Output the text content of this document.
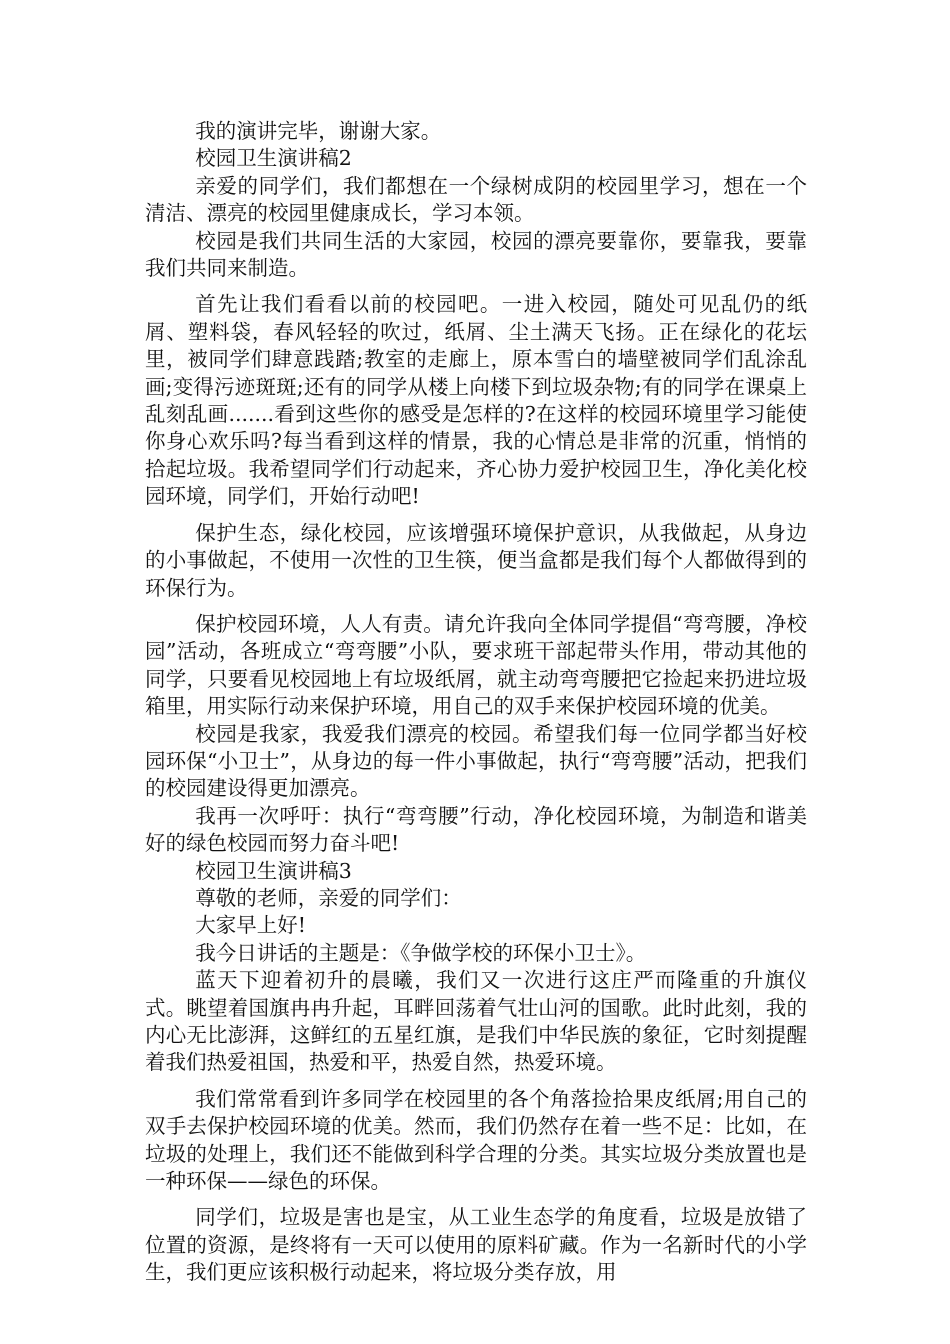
我的演讲完毕，谢谢大家。

校园卫生演讲稿2

亲爱的同学们，我们都想在一个绿树成阴的校园里学习，想在一个清洁、漂亮的校园里健康成长，学习本领。

校园是我们共同生活的大家园，校园的漂亮要靠你，要靠我，要靠我们共同来制造。

首先让我们看看以前的校园吧。一进入校园，随处可见乱仍的纸屑、塑料袋，春风轻轻的吹过，纸屑、尘土满天飞扬。正在绿化的花坛里，被同学们肆意践踏;教室的走廊上，原本雪白的墙壁被同学们乱涂乱画;变得污迹斑斑;还有的同学从楼上向楼下到垃圾杂物;有的同学在课桌上乱刻乱画.......看到这些你的感受是怎样的?在这样的校园环境里学习能使你身心欢乐吗?每当看到这样的情景，我的心情总是非常的沉重，悄悄的拾起垃圾。我希望同学们行动起来，齐心协力爱护校园卫生，净化美化校园环境，同学们，开始行动吧!

保护生态，绿化校园，应该增强环境保护意识，从我做起，从身边的小事做起，不使用一次性的卫生筷，便当盒都是我们每个人都做得到的环保行为。

保护校园环境，人人有责。请允许我向全体同学提倡“弯弯腰，净校园”活动，各班成立“弯弯腰”小队，要求班干部起带头作用，带动其他的同学，只要看见校园地上有垃圾纸屑，就主动弯弯腰把它捡起来扔进垃圾箱里，用实际行动来保护环境，用自己的双手来保护校园环境的优美。

校园是我家，我爱我们漂亮的校园。希望我们每一位同学都当好校园环保“小卫士”，从身边的每一件小事做起，执行“弯弯腰”活动，把我们的校园建设得更加漂亮。

我再一次呼吁：执行“弯弯腰”行动，净化校园环境，为制造和谐美好的绿色校园而努力奋斗吧!

校园卫生演讲稿3

尊敬的老师，亲爱的同学们：

大家早上好!

我今日讲话的主题是：《争做学校的环保小卫士》。

蓝天下迎着初升的晨曦，我们又一次进行这庄严而隆重的升旗仪式。眺望着国旗冉冉升起，耳畔回荡着气壮山河的国歌。此时此刻，我的内心无比澎湃，这鲜红的五星红旗，是我们中华民族的象征，它时刻提醒着我们热爱祖国，热爱和平，热爱自然，热爱环境。

我们常常看到许多同学在校园里的各个角落捡拾果皮纸屑;用自己的双手去保护校园环境的优美。然而，我们仍然存在着一些不足：比如，在垃圾的处理上，我们还不能做到科学合理的分类。其实垃圾分类放置也是一种环保——绿色的环保。

同学们，垃圾是害也是宝，从工业生态学的角度看，垃圾是放错了位置的资源，是终将有一天可以使用的原料矿藏。作为一名新时代的小学生，我们更应该积极行动起来，将垃圾分类存放，用
